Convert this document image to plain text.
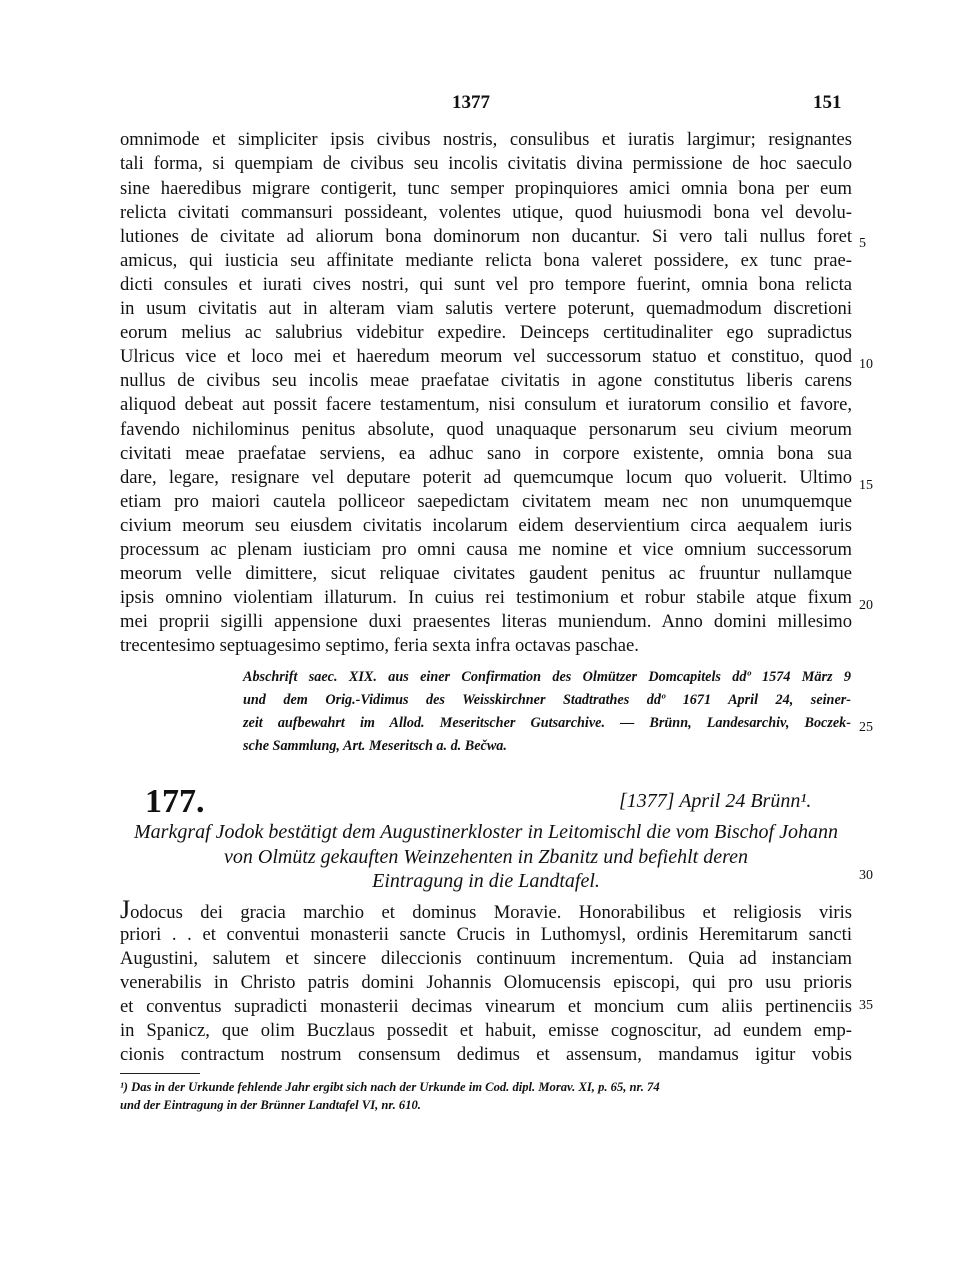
1377	151
omnimode et simpliciter ipsis civibus nostris, consulibus et iuratis largimur; resignantes
tali forma, si quempiam de civibus seu incolis civitatis divina permissione de hoc saeculo
sine haeredibus migrare contigerit, tunc semper propinquiores amici omnia bona per eum
relicta civitati commansuri possideant, volentes utique, quod huiusmodi bona vel devolu-
lutiones de civitate ad aliorum bona dominorum non ducantur. Si vero tali nullus foret
amicus, qui iusticia seu affinitate mediante relicta bona valeret possidere, ex tunc prae-
dicti consules et iurati cives nostri, qui sunt vel pro tempore fuerint, omnia bona relicta
in usum civitatis aut in alteram viam salutis vertere poterunt, quemadmodum discretioni
eorum melius ac salubrius videbitur expedire. Deinceps certitudinaliter ego supradictus
Ulricus vice et loco mei et haeredum meorum vel successorum statuo et constituo, quod
nullus de civibus seu incolis meae praefatae civitatis in agone constitutus liberis carens
aliquod debeat aut possit facere testamentum, nisi consulum et iuratorum consilio et favore,
favendo nichilominus penitus absolute, quod unaquaque personarum seu civium meorum
civitati meae praefatae serviens, ea adhuc sano in corpore existente, omnia bona sua
dare, legare, resignare vel deputare poterit ad quemcumque locum quo voluerit. Ultimo
etiam pro maiori cautela polliceor saepedictam civitatem meam nec non unumquemque
civium meorum seu eiusdem civitatis incolarum eidem deservientium circa aequalem iuris
processum ac plenam iusticiam pro omni causa me nomine et vice omnium successorum
meorum velle dimittere, sicut reliquae civitates gaudent penitus ac fruuntur nullamque
ipsis omnino violentiam illaturum. In cuius rei testimonium et robur stabile atque fixum
mei proprii sigilli appensione duxi praesentes literas muniendum. Anno domini millesimo
trecentesimo septuagesimo septimo, feria sexta infra octavas paschae.
Abschrift saec. XIX. aus einer Confirmation des Olmützer Domcapitels ddº 1574 März 9
und dem Orig.-Vidimus des Weisskirchner Stadtrathes ddº 1671 April 24, seiner-
zeit aufbewahrt im Allod. Meseritscher Gutsarchive. — Brünn, Landesarchiv, Boczek-
sche Sammlung, Art. Meseritsch a. d. Bečwa.
177.	[1377] April 24 Brünn¹.
Markgraf Jodok bestätigt dem Augustinerkloster in Leitomischl die vom Bischof Johann
von Olmütz gekauften Weinzehenten in Zbanitz und befiehlt deren
Eintragung in die Landtafel.
Jodocus dei gracia marchio et dominus Moravie. Honorabilibus et religiosis viris
priori . . et conventui monasterii sancte Crucis in Luthomysl, ordinis Heremitarum sancti
Augustini, salutem et sincere dileccionis continuum incrementum. Quia ad instanciam
venerabilis in Christo patris domini Johannis Olomucensis episcopi, qui pro usu prioris
et conventus supradicti monasterii decimas vinearum et moncium cum aliis pertinenciis
in Spanicz, que olim Buczlaus possedit et habuit, emisse cognoscitur, ad eundem emp-
cionis contractum nostrum consensum dedimus et assensum, mandamus igitur vobis
5
10
15
20
25
30
35
¹) Das in der Urkunde fehlende Jahr ergibt sich nach der Urkunde im Cod. dipl. Morav. XI, p. 65, nr. 74
und der Eintragung in der Brünner Landtafel VI, nr. 610.
